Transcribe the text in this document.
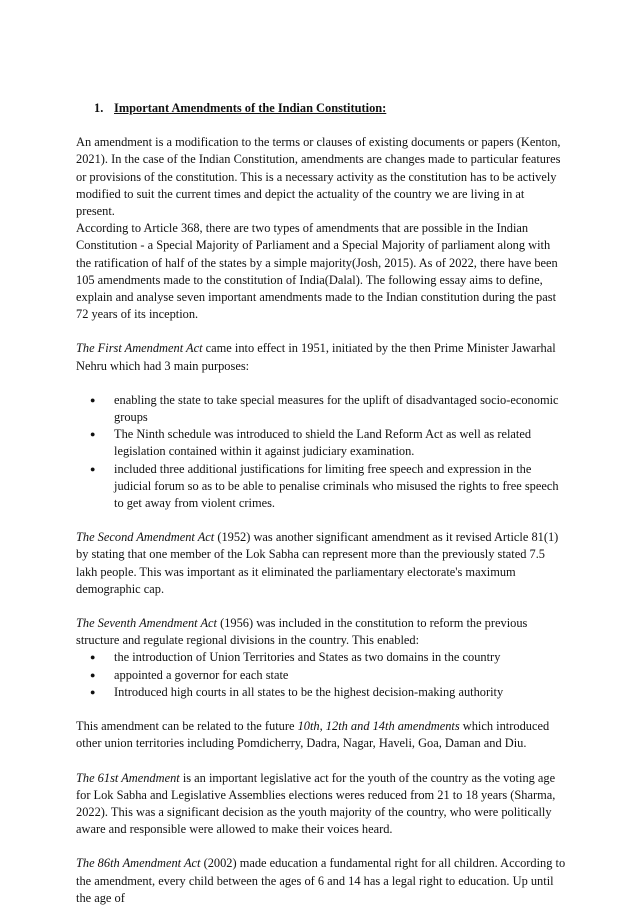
1. Important Amendments of the Indian Constitution:

An amendment is a modification to the terms or clauses of existing documents or papers (Kenton, 2021). In the case of the Indian Constitution, amendments are changes made to particular features or provisions of the constitution. This is a necessary activity as the constitution has to be actively modified to suit the current times and depict the actuality of the country we are living in at present.

According to Article 368, there are two types of amendments that are possible in the Indian Constitution - a Special Majority of Parliament and a Special Majority of parliament along with the ratification of half of the states by a simple majority(Josh, 2015). As of 2022, there have been 105 amendments made to the constitution of India(Dalal). The following essay aims to define, explain and analyse seven important amendments made to the Indian constitution during the past 72 years of its inception.

The First Amendment Act came into effect in 1951, initiated by the then Prime Minister Jawarhal Nehru which had 3 main purposes:

● enabling the state to take special measures for the uplift of disadvantaged socio-economic groups
● The Ninth schedule was introduced to shield the Land Reform Act as well as related legislation contained within it against judiciary examination.
● included three additional justifications for limiting free speech and expression in the judicial forum so as to be able to penalise criminals who misused the rights to free speech to get away from violent crimes.

The Second Amendment Act (1952) was another significant amendment as it revised Article 81(1) by stating that one member of the Lok Sabha can represent more than the previously stated 7.5 lakh people. This was important as it eliminated the parliamentary electorate's maximum demographic cap.

The Seventh Amendment Act (1956) was included in the constitution to reform the previous structure and regulate regional divisions in the country. This enabled:

● the introduction of Union Territories and States as two domains in the country
● appointed a governor for each state
● Introduced high courts in all states to be the highest decision-making authority

This amendment can be related to the future 10th, 12th and 14th amendments which introduced other union territories including Pomdicherry, Dadra, Nagar, Haveli, Goa, Daman and Diu.

The 61st Amendment is an important legislative act for the youth of the country as the voting age for Lok Sabha and Legislative Assemblies elections weres reduced from 21 to 18 years (Sharma, 2022). This was a significant decision as the youth majority of the country, who were politically aware and responsible were allowed to make their voices heard.

The 86th Amendment Act (2002) made education a fundamental right for all children. According to the amendment, every child between the ages of 6 and 14 has a legal right to education. Up until the age of
